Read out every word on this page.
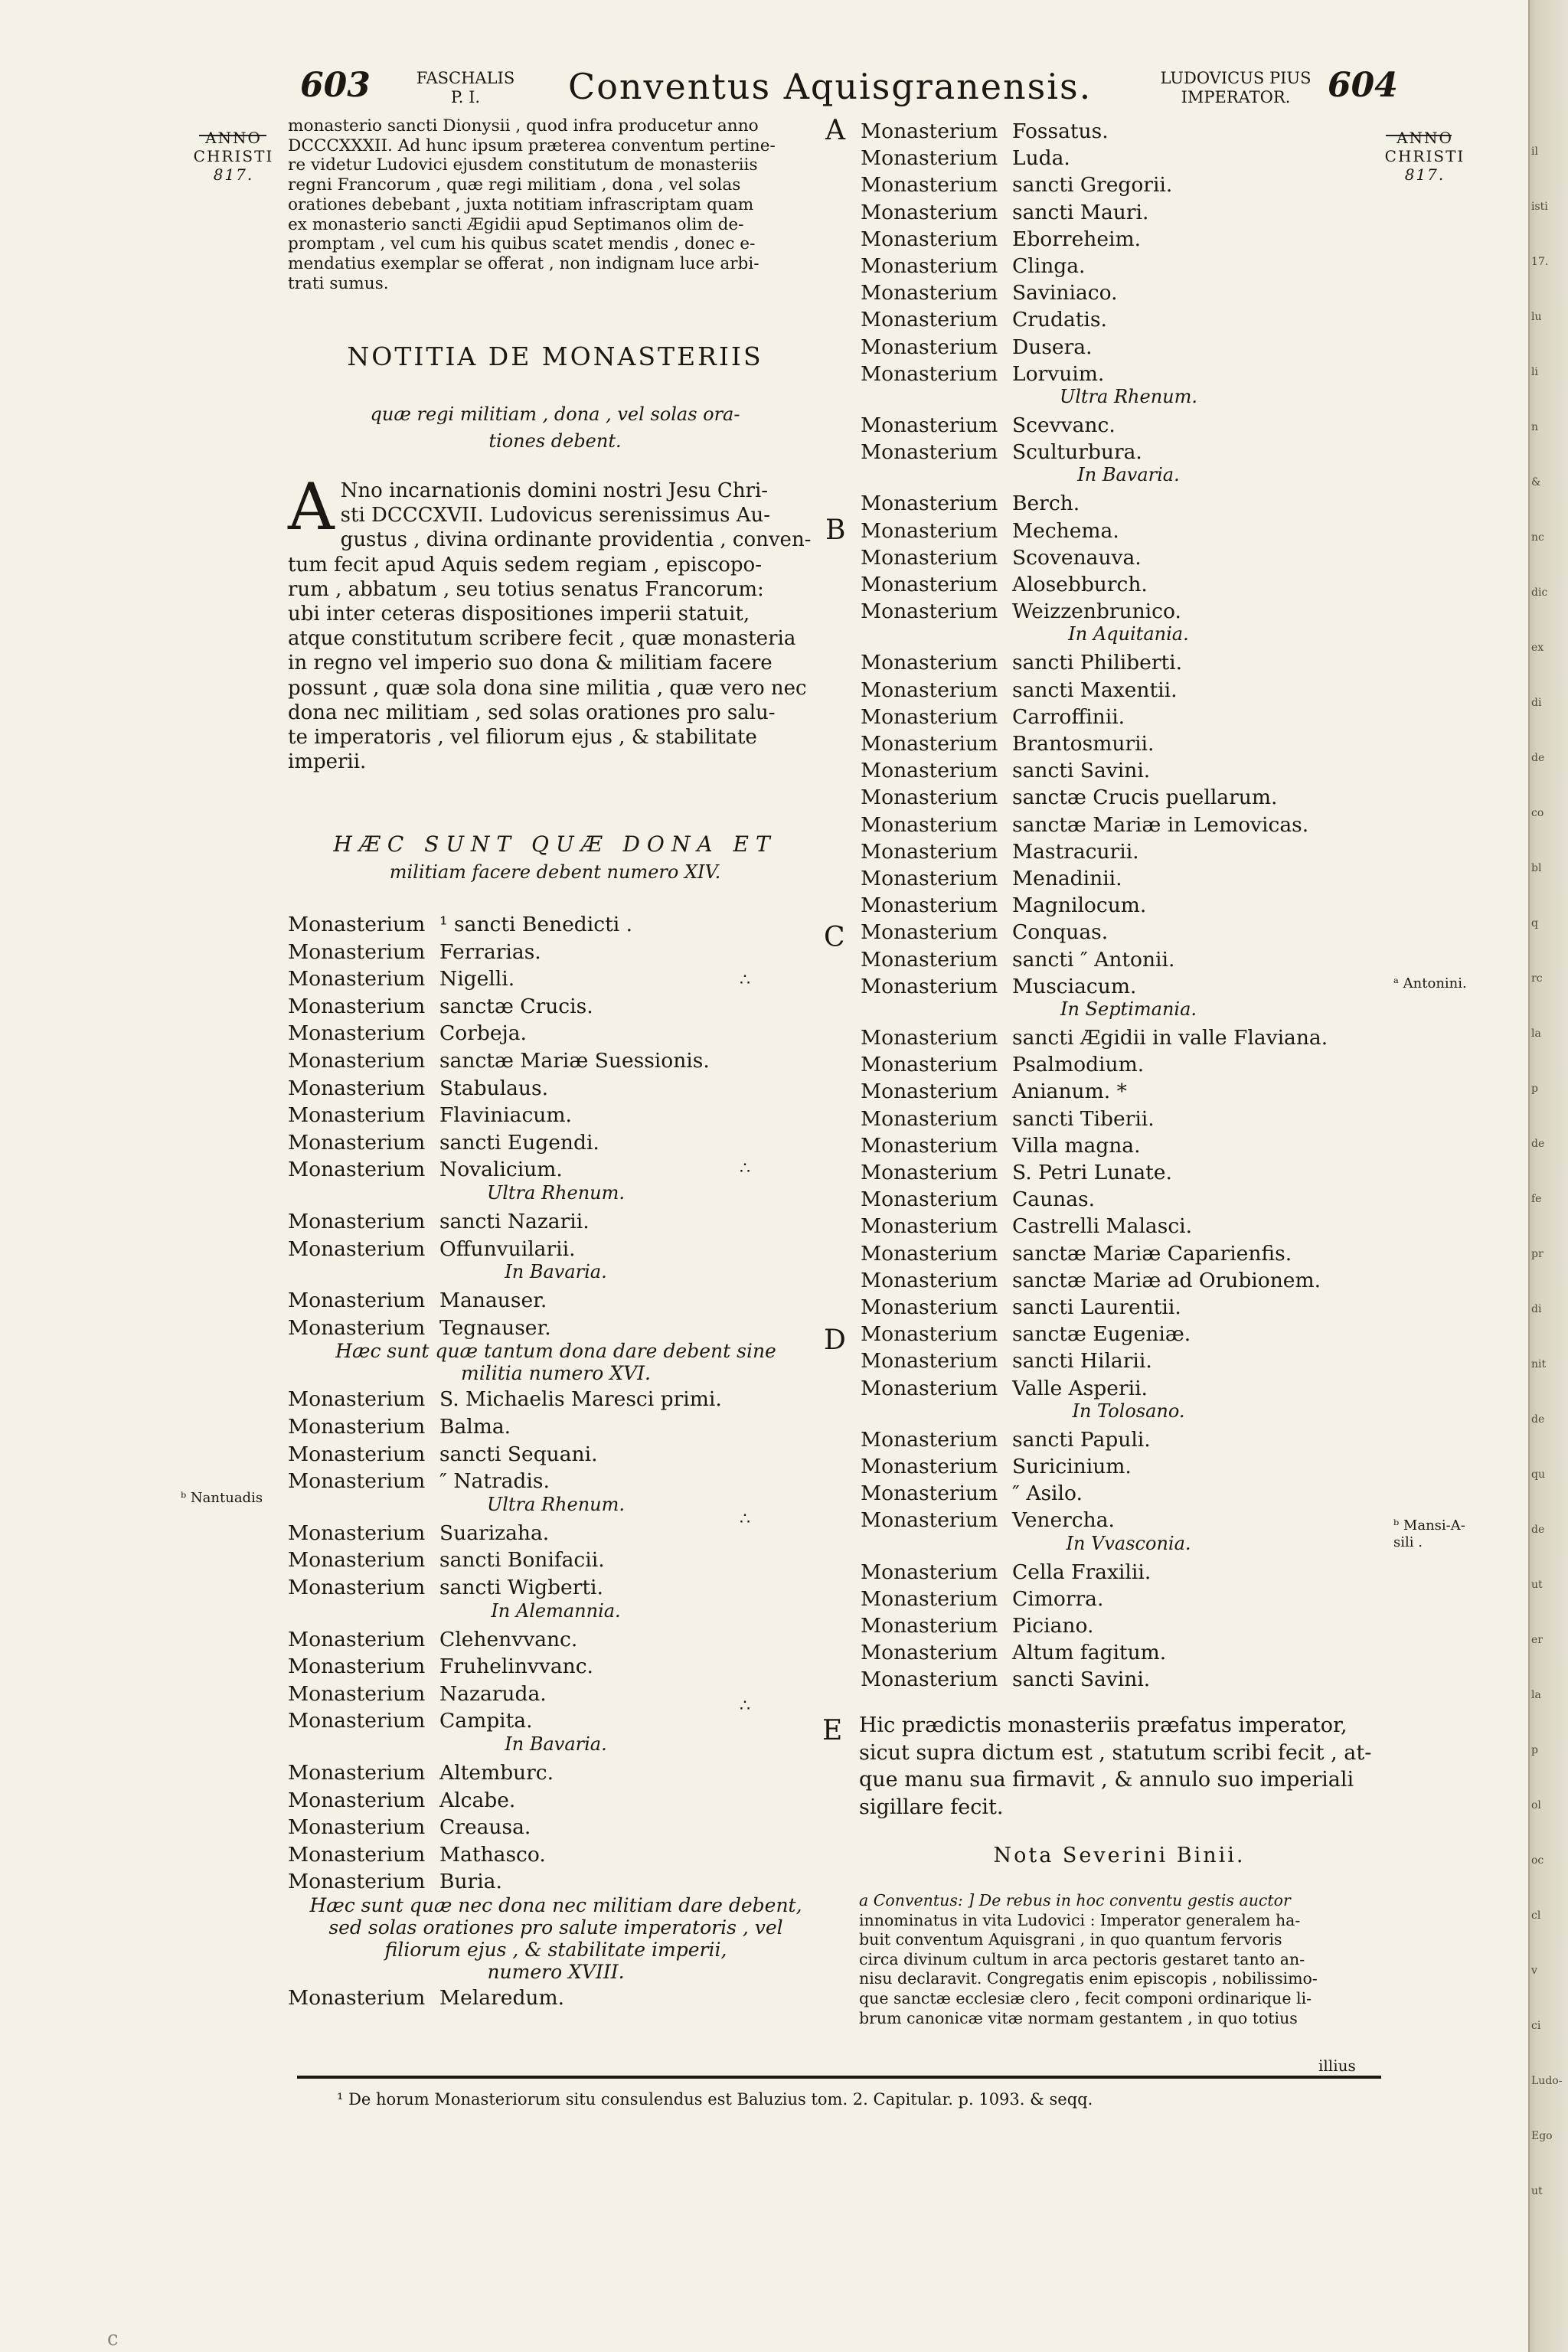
il
isti
17.
lu
li
n
&
nc
dic
ex
di
de
co
bl
q
rc
la
p
de
fe
pr
di
nit
de
qu
de
ut
er
la
p
ol
oc
cl
v
ci
Ludo-
Ego
ut
603	FASCHALIS
P. I.	Conventus Aquisgranensis.	LUDOVICUS PIUS
IMPERATOR.	604
ANNO
CHRISTI
817.
ANNO
CHRISTI
817.
monasterio sancti Dionysii , quod infra producetur anno
DCCCXXXII. Ad hunc ipsum præterea conventum pertine-
re videtur Ludovici ejusdem constitutum de monasteriis
regni Francorum , quæ regi militiam , dona , vel solas
orationes debebant , juxta notitiam infrascriptam quam
ex monasterio sancti Ægidii apud Septimanos olim de-
promptam , vel cum his quibus scatet mendis , donec e-
mendatius exemplar se offerat , non indignam luce arbi-
trati sumus.
NOTITIA DE MONASTERIIS
quæ regi militiam , dona , vel solas ora-
tiones debent.
A Nno incarnationis domini nostri Jesu Chri-
sti DCCCXVII. Ludovicus serenissimus Au-
gustus , divina ordinante providentia , conven-
tum fecit apud Aquis sedem regiam , episcopo-
rum , abbatum , seu totius senatus Francorum:
ubi inter ceteras dispositiones imperii statuit,
atque constitutum scribere fecit , quæ monasteria
in regno vel imperio suo dona & militiam facere
possunt , quæ sola dona sine militia , quæ vero nec
dona nec militiam , sed solas orationes pro salu-
te imperatoris , vel filiorum ejus , & stabilitate
imperii.
HÆC SUNT QUÆ DONA ET
militiam facere debent numero XIV.
Monasterium ¹ sancti Benedicti .
Monasterium Ferrarias.
Monasterium Nigelli.
Monasterium sanctæ Crucis.
Monasterium Corbeja.
Monasterium sanctæ Mariæ Suessionis.
Monasterium Stabulaus.
Monasterium Flaviniacum.
Monasterium sancti Eugendi.
Monasterium Novalicium.
Ultra Rhenum.
Monasterium sancti Nazarii.
Monasterium Offunvuilarii.
In Bavaria.
Monasterium Manauser.
Monasterium Tegnauser.
Hæc sunt quæ tantum dona dare debent sine
militia numero XVI.
Monasterium S. Michaelis Marescі primi.
Monasterium Balma.
Monasterium sancti Sequani.
Monasterium ″ Natradis.
Ultra Rhenum.
Monasterium Suarizaha.
Monasterium sancti Bonifacii.
Monasterium sancti Wigberti.
In Alemannia.
Monasterium Clehenvvanc.
Monasterium Fruhelinvvanc.
Monasterium Nazaruda.
Monasterium Campita.
In Bavaria.
Monasterium Altemburc.
Monasterium Alcabe.
Monasterium Creausa.
Monasterium Mathasco.
Monasterium Buria.
Hæc sunt quæ nec dona nec militiam dare debent,
sed solas orationes pro salute imperatoris , vel
filiorum ejus , & stabilitate imperii,
numero XVIII.
Monasterium Melaredum.
Monasterium Fossatus.
Monasterium Luda.
Monasterium sancti Gregorii.
Monasterium sancti Mauri.
Monasterium Eborreheim.
Monasterium Clinga.
Monasterium Saviniaco.
Monasterium Crudatis.
Monasterium Dusera.
Monasterium Lorvuim.
Ultra Rhenum.
Monasterium Scevvanc.
Monasterium Sculturbura.
In Bavaria.
Monasterium Berch.
Monasterium Mechema.
Monasterium Scovenauva.
Monasterium Alosebburch.
Monasterium Weizzenbrunico.
In Aquitania.
Monasterium sancti Philiberti.
Monasterium sancti Maxentii.
Monasterium Carroffinii.
Monasterium Brantosmurii.
Monasterium sancti Savini.
Monasterium sanctæ Crucis puellarum.
Monasterium sanctæ Mariæ in Lemovicas.
Monasterium Mastracurii.
Monasterium Menadinii.
Monasterium Magnilocum.
Monasterium Conquas.
Monasterium sancti ″ Antonii.
Monasterium Musciacum.
In Septimania.
Monasterium sancti Ægidii in valle Flaviana.
Monasterium Psalmodium.
Monasterium Anianum. *
Monasterium sancti Tiberii.
Monasterium Villa magna.
Monasterium S. Petri Lunate.
Monasterium Caunas.
Monasterium Castrelli Malasci.
Monasterium sanctæ Mariæ Caparienfis.
Monasterium sanctæ Mariæ ad Orubionem.
Monasterium sancti Laurentii.
Monasterium sanctæ Eugeniæ.
Monasterium sancti Hilarii.
Monasterium Valle Asperii.
In Tolosano.
Monasterium sancti Papuli.
Monasterium Suricinium.
Monasterium ″ Asilo.
Monasterium Venercha.
In Vvasconia.
Monasterium Cella Fraxilii.
Monasterium Cimorra.
Monasterium Piciano.
Monasterium Altum fagitum.
Monasterium sancti Savini.
A
B
C
D
E
ᵇ Nantuadis
ᵃ Antonini.
ᵇ Mansi-A-
sili .
∴
∴
∴
∴
Hic prædictis monasteriis præfatus imperator,
sicut supra dictum est , statutum scribi fecit , at-
que manu sua firmavit , & annulo suo imperiali
sigillare fecit.
Nota Severini Binii.
a Conventus: ] De rebus in hoc conventu gestis auctor
innominatus in vita Ludovici : Imperator generalem ha-
buit conventum Aquisgrani , in quo quantum fervoris
circa divinum cultum in arca pectoris gestaret tanto an-
nisu declaravit. Congregatis enim episcopis , nobilissimo-
que sanctæ ecclesiæ clero , fecit componi ordinarique li-
brum canonicæ vitæ normam gestantem , in quo totius
illius
¹ De horum Monasteriorum situ consulendus est Baluzius tom. 2. Capitular. p. 1093. & seqq.
c
